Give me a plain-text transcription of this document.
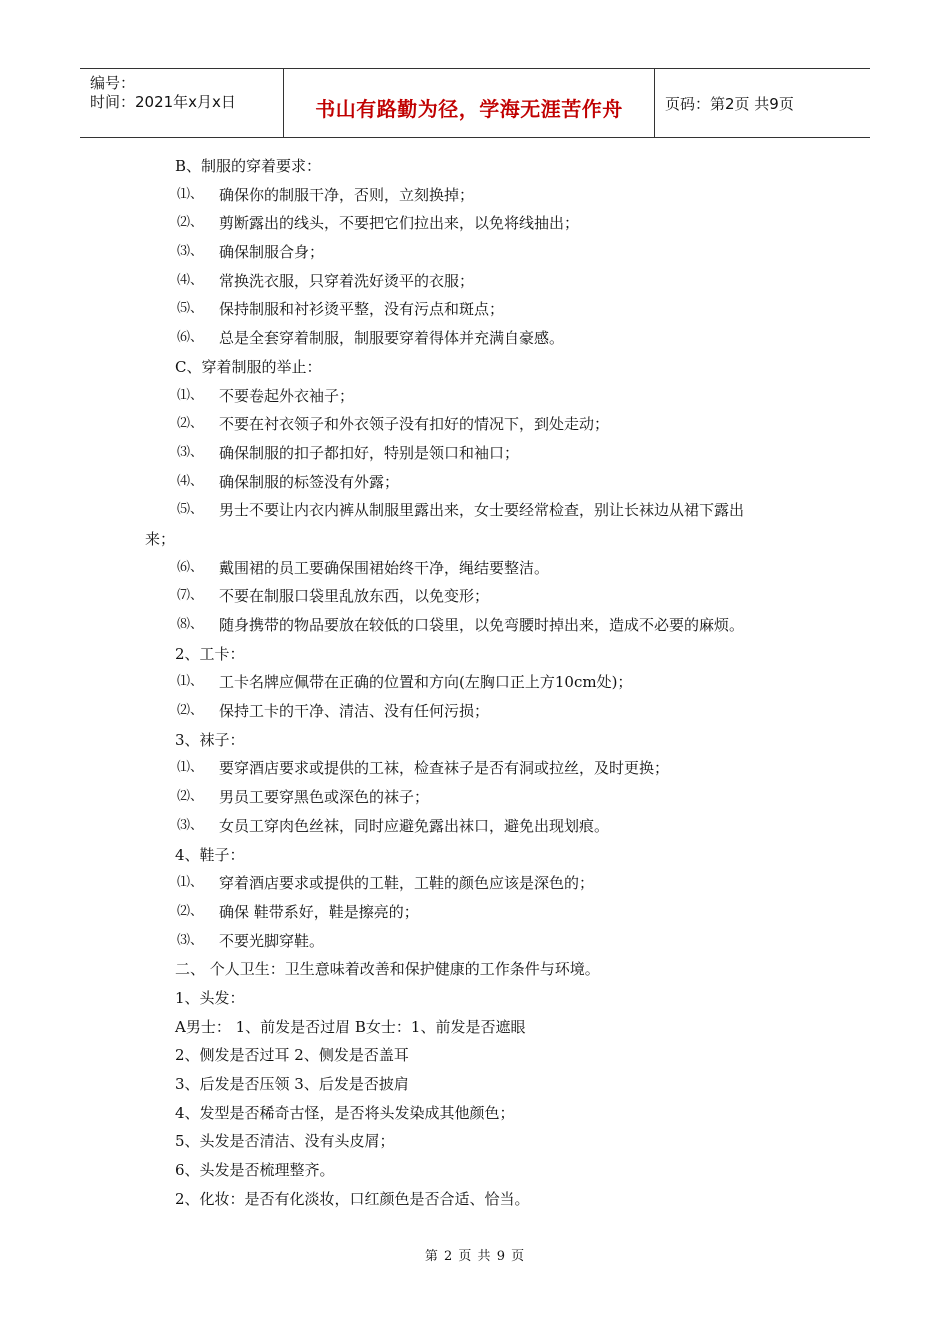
编号：
时间：2021年x月x日	书山有路勤为径，学海无涯苦作舟	页码：第2页 共9页
B、制服的穿着要求：
⑴、 确保你的制服干净，否则，立刻换掉；
⑵、 剪断露出的线头，不要把它们拉出来，以免将线抽出；
⑶、 确保制服合身；
⑷、 常换洗衣服，只穿着洗好烫平的衣服；
⑸、 保持制服和衬衫烫平整，没有污点和斑点；
⑹、 总是全套穿着制服，制服要穿着得体并充满自豪感。
C、穿着制服的举止：
⑴、 不要卷起外衣袖子；
⑵、 不要在衬衣领子和外衣领子没有扣好的情况下，到处走动；
⑶、 确保制服的扣子都扣好，特别是领口和袖口；
⑷、 确保制服的标签没有外露；
⑸、 男士不要让内衣内裤从制服里露出来，女士要经常检查，别让长袜边从裙下露出
来；
⑹、 戴围裙的员工要确保围裙始终干净，绳结要整洁。
⑺、 不要在制服口袋里乱放东西，以免变形；
⑻、 随身携带的物品要放在较低的口袋里，以免弯腰时掉出来，造成不必要的麻烦。
2、工卡：
⑴、 工卡名牌应佩带在正确的位置和方向(左胸口正上方10cm处)；
⑵、 保持工卡的干净、清洁、没有任何污损；
3、袜子：
⑴、 要穿酒店要求或提供的工袜，检查袜子是否有洞或拉丝，及时更换；
⑵、 男员工要穿黑色或深色的袜子；
⑶、 女员工穿肉色丝袜，同时应避免露出袜口，避免出现划痕。
4、鞋子：
⑴、 穿着酒店要求或提供的工鞋，工鞋的颜色应该是深色的；
⑵、 确保 鞋带系好，鞋是擦亮的；
⑶、 不要光脚穿鞋。
二、 个人卫生：卫生意味着改善和保护健康的工作条件与环境。
1、头发：
A男士： 1、前发是否过眉 B女士：1、前发是否遮眼
2、侧发是否过耳 2、侧发是否盖耳
3、后发是否压领 3、后发是否披肩
4、发型是否稀奇古怪，是否将头发染成其他颜色；
5、头发是否清洁、没有头皮屑；
6、头发是否梳理整齐。
2、化妆：是否有化淡妆，口红颜色是否合适、恰当。
第 2 页 共 9 页
